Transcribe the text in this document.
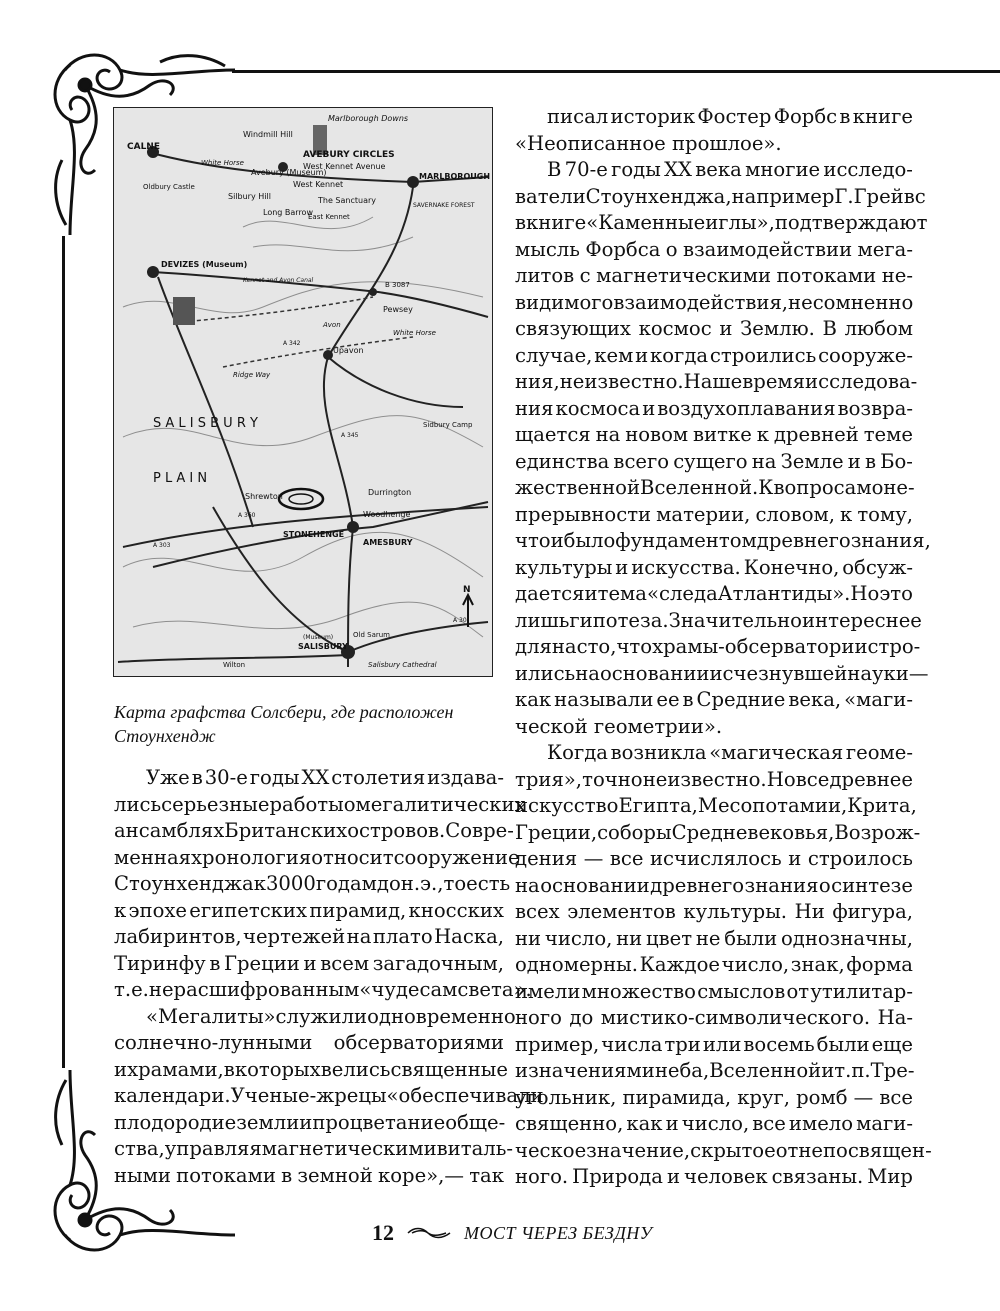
Marlborough Downs
Windmill Hill
CALNE
White Horse
Avebury (Museum)
AVEBURY CIRCLES
West Kennet Avenue
Oldbury Castle
Silbury Hill
West Kennet
MARLBOROUGH
SAVERNAKE FOREST
The Sanctuary
Long Barrow
East Kennet
DEVIZES (Museum)
Kennet and Avon Canal
B 3087
Pewsey
White Horse
Avon
A 342
Upavon
Ridge Way
Sidbury Camp
S A L I S B U R Y
P L A I N
A 345
A 360
Shrewton	Durrington
Woodhenge
STONEHENGE
AMESBURY
A 303
A 30
Old Sarum
(Museum)
SALISBURY
Wilton	Salisbury Cathedral
N
Карта графства Солсбери, где расположен
Стоунхендж
Уже в 30-е годы XX столетия издава-
лись серьезные работы о мегалитических
ансамблях Британских островов. Совре-
менная хронология относит сооружение
Стоунхенджа к 3000 годам до н.э., то есть
к эпохе египетских пирамид, кносских
лабиринтов, чертежей на плато Наска,
Тиринфу в Греции и всем загадочным,
т.е. нерасшифрованным «чудесам света».
«Мегалиты» служили одновременно
солнечно-лунными обсерваториями
и храмами, в которых велись священные
календари. Ученые-жрецы «обеспечивали
плодородие земли и процветание обще-
ства, управляя магнетическими виталь-
ными потоками в земной коре»,— так
писал историк Фостер Форбс в книге
«Неописанное прошлое».
В 70-е годы XX века многие исследо-
ватели Стоунхенджа, например Г. Грейвс
в книге «Каменные иглы», подтверждают
мысль Форбса о взаимодействии мега-
литов с магнетическими потоками не-
видимого взаимодействия, несомненно
связующих космос и Землю. В любом
случае, кем и когда строились сооруже-
ния, неизвестно. Наше время исследова-
ния космоса и воздухоплавания возвра-
щается на новом витке к древней теме
единства всего сущего на Земле и в Бо-
жественной Вселенной. К вопросам о не-
прерывности материи, словом, к тому,
что и было фундаментом древнего знания,
культуры и искусства. Конечно, обсуж-
дается и тема «следа Атлантиды». Но это
лишь гипотеза. Значительно интереснее
для нас то, что храмы-обсерватории стро-
ились на основании исчезнувшей науки —
как называли ее в Средние века, «маги-
ческой геометрии».
Когда возникла «магическая геоме-
трия», точно неизвестно. Но все древнее
искусство Египта, Месопотамии, Крита,
Греции, соборы Средневековья, Возрож-
дения — все исчислялось и строилось
на основании древнего знания о синтезе
всех элементов культуры. Ни фигура,
ни число, ни цвет не были однозначны,
одномерны. Каждое число, знак, форма
имели множество смыслов от утилитар-
ного до мистико-символического. На-
пример, числа три или восемь были еще
и значениями неба, Вселенной и т.п. Тре-
угольник, пирамида, круг, ромб — все
священно, как и число, все имело маги-
ческое значение, скрытое от непосвящен-
ного. Природа и человек связаны. Мир
12	МОСТ ЧЕРЕЗ БЕЗДНУ
